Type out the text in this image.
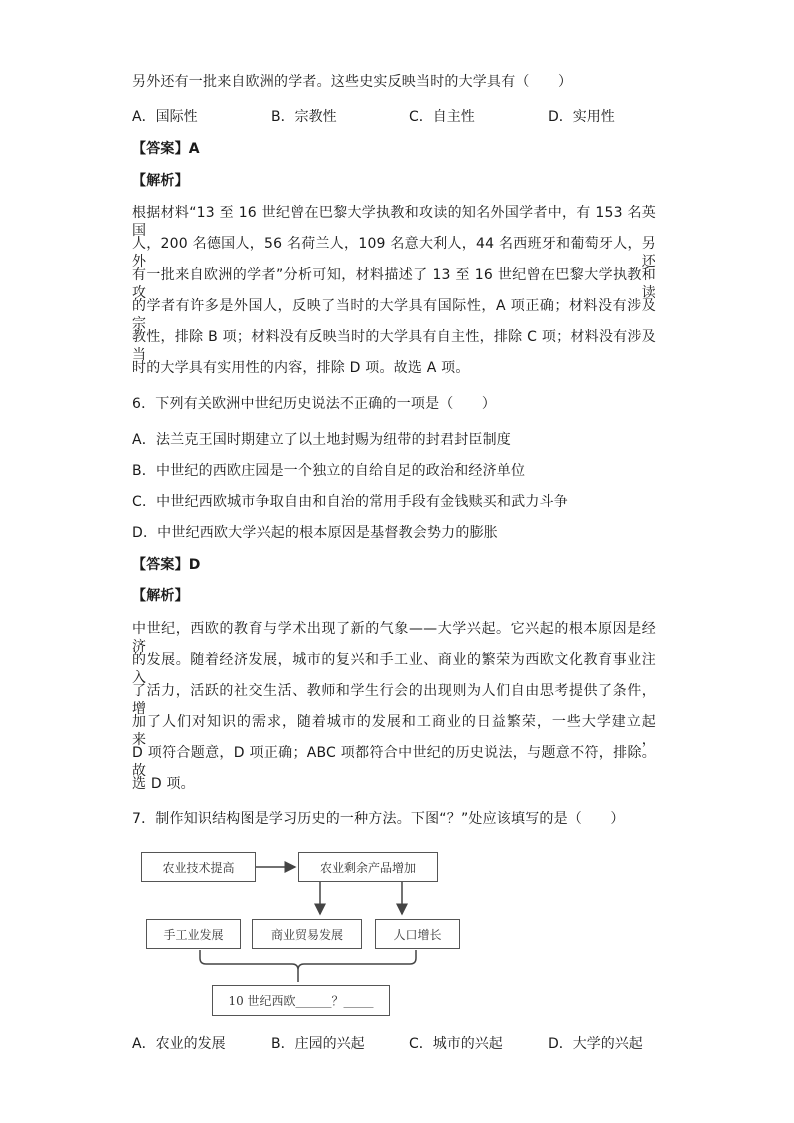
另外还有一批来自欧洲的学者。这些史实反映当时的大学具有（　　）
A．国际性	B．宗教性	C．自主性	D．实用性
【答案】A
【解析】
根据材料“13 至 16 世纪曾在巴黎大学执教和攻读的知名外国学者中，有 153 名英国
人，200 名德国人，56 名荷兰人，109 名意大利人，44 名西班牙和葡萄牙人，另外还
有一批来自欧洲的学者”分析可知，材料描述了 13 至 16 世纪曾在巴黎大学执教和攻读
的学者有许多是外国人，反映了当时的大学具有国际性，A 项正确；材料没有涉及宗
教性，排除 B 项；材料没有反映当时的大学具有自主性，排除 C 项；材料没有涉及当
时的大学具有实用性的内容，排除 D 项。故选 A 项。
6．下列有关欧洲中世纪历史说法不正确的一项是（　　）
A．法兰克王国时期建立了以土地封赐为纽带的封君封臣制度
B．中世纪的西欧庄园是一个独立的自给自足的政治和经济单位
C．中世纪西欧城市争取自由和自治的常用手段有金钱赎买和武力斗争
D．中世纪西欧大学兴起的根本原因是基督教会势力的膨胀
【答案】D
【解析】
中世纪，西欧的教育与学术出现了新的气象——大学兴起。它兴起的根本原因是经济
的发展。随着经济发展，城市的复兴和手工业、商业的繁荣为西欧文化教育事业注入
了活力，活跃的社交生活、教师和学生行会的出现则为人们自由思考提供了条件，增
加了人们对知识的需求，随着城市的发展和工商业的日益繁荣，一些大学建立起来，
D 项符合题意，D 项正确；ABC 项都符合中世纪的历史说法，与题意不符，排除。故
选 D 项。
7．制作知识结构图是学习历史的一种方法。下图“？”处应该填写的是（　　）
农业技术提高	农业剩余产品增加
手工业发展	商业贸易发展	人口增长
10 世纪西欧______？_____
A．农业的发展	B．庄园的兴起	C．城市的兴起	D．大学的兴起
